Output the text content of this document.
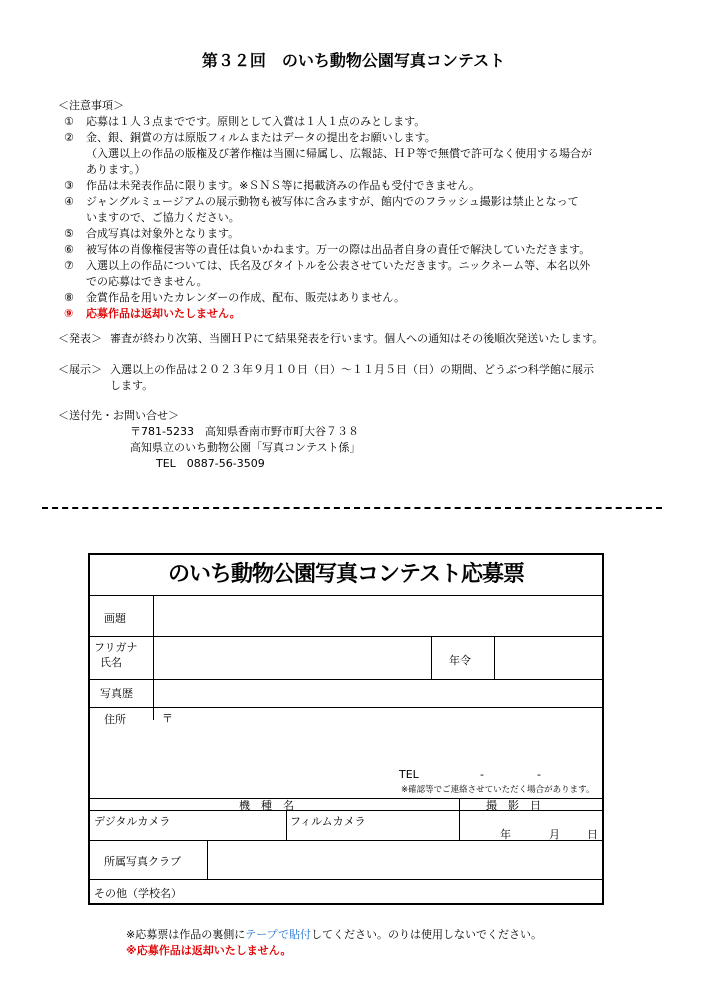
第３２回　のいち動物公園写真コンテスト
＜注意事項＞
① 応募は１人３点までです。原則として入賞は１人１点のみとします。
② 金、銀、銅賞の方は原版フィルムまたはデータの提出をお願いします。
（入選以上の作品の版権及び著作権は当園に帰属し、広報誌、ＨＰ等で無償で許可なく使用する場合が
あります。）
③ 作品は未発表作品に限ります。※ＳＮＳ等に掲載済みの作品も受付できません。
④ ジャングルミュージアムの展示動物も被写体に含みますが、館内でのフラッシュ撮影は禁止となって
いますので、ご協力ください。
⑤ 合成写真は対象外となります。
⑥ 被写体の肖像権侵害等の責任は負いかねます。万一の際は出品者自身の責任で解決していただきます。
⑦ 入選以上の作品については、氏名及びタイトルを公表させていただきます。ニックネーム等、本名以外
での応募はできません。
⑧ 金賞作品を用いたカレンダーの作成、配布、販売はありません。
⑨ 応募作品は返却いたしません。
＜発表＞ 審査が終わり次第、当園ＨＰにて結果発表を行います。個人への通知はその後順次発送いたします。
＜展示＞ 入選以上の作品は２０２３年９月１０日（日）～１１月５日（日）の期間、どうぶつ科学館に展示
します。
＜送付先・お問い合せ＞
〒781-5233　高知県香南市野市町大谷７３８
高知県立のいち動物公園「写真コンテスト係」
TEL　0887-56-3509
のいち動物公園写真コンテスト応募票
画題
フリガナ
氏名	年令
写真歴
住所	〒
TEL	-	-
※確認等でご連絡させていただく場合があります。
機　種　名	撮　影　日
デジタルカメラ	フィルムカメラ
年	月 日
所属写真クラブ
その他（学校名）
※応募票は作品の裏側にテープで貼付してください。のりは使用しないでください。
※応募作品は返却いたしません。
